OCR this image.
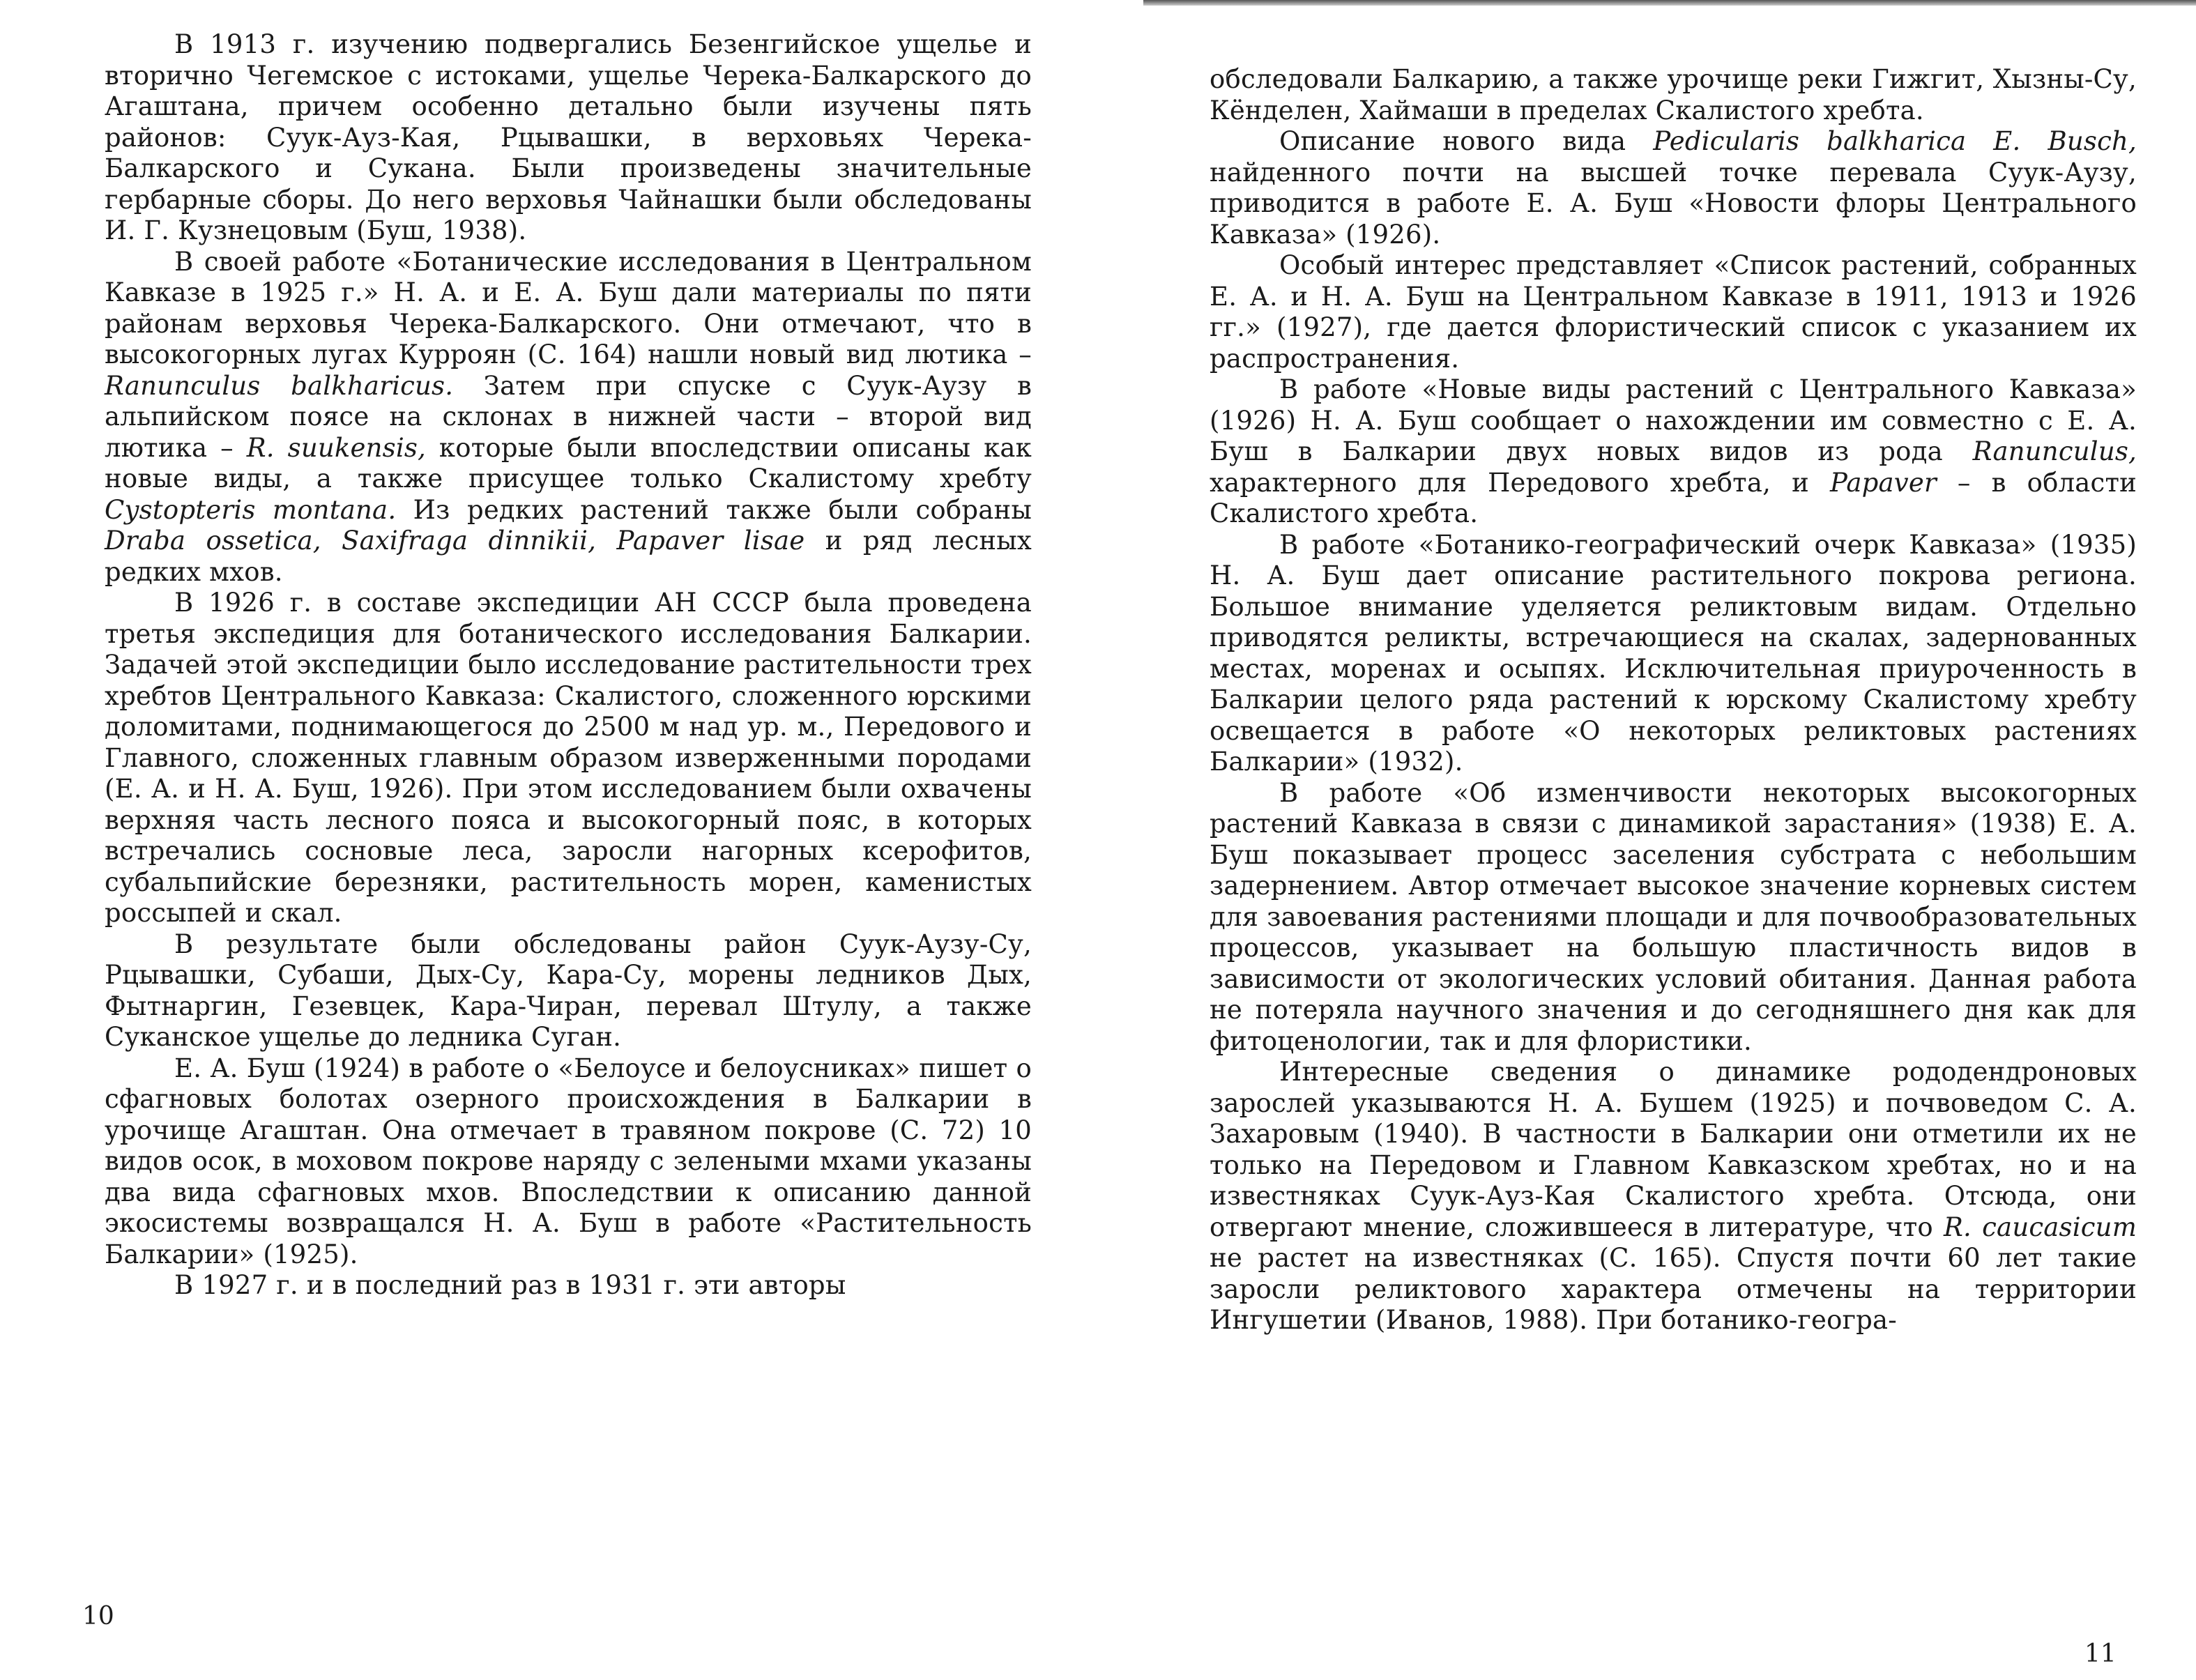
В 1913 г. изучению подвергались Безенгийское ущелье и вторично Чегемское с истоками, ущелье Черека-Балкарского до Агаштана, причем особенно детально были изучены пять районов: Суук-Ауз-Кая, Рцывашки, в верховьях Черека-Балкарского и Сукана. Были произведены значительные гербарные сборы. До него верховья Чайнашки были обследованы И. Г. Кузнецовым (Буш, 1938).

В своей работе «Ботанические исследования в Центральном Кавказе в 1925 г.» Н. А. и Е. А. Буш дали материалы по пяти районам верховья Черека-Балкарского. Они отмечают, что в высокогорных лугах Курроян (С. 164) нашли новый вид лютика – Ranunculus balkharicus. Затем при спуске с Суук-Аузу в альпийском поясе на склонах в нижней части – второй вид лютика – R. suukensis, которые были впоследствии описаны как новые виды, а также присущее только Скалистому хребту Cystopteris montana. Из редких растений также были собраны Draba ossetica, Saxifraga dinnikii, Papaver lisae и ряд лесных редких мхов.

В 1926 г. в составе экспедиции АН СССР была проведена третья экспедиция для ботанического исследования Балкарии. Задачей этой экспедиции было исследование растительности трех хребтов Центрального Кавказа: Скалистого, сложенного юрскими доломитами, поднимающегося до 2500 м над ур. м., Передового и Главного, сложенных главным образом изверженными породами (Е. А. и Н. А. Буш, 1926). При этом исследованием были охвачены верхняя часть лесного пояса и высокогорный пояс, в которых встречались сосновые леса, заросли нагорных ксерофитов, субальпийские березняки, растительность морен, каменистых россыпей и скал.

В результате были обследованы район Суук-Аузу-Су, Рцывашки, Субаши, Дых-Су, Кара-Су, морены ледников Дых, Фытнаргин, Гезевцек, Кара-Чиран, перевал Штулу, а также Суканское ущелье до ледника Суган.

Е. А. Буш (1924) в работе о «Белоусе и белоусниках» пишет о сфагновых болотах озерного происхождения в Балкарии в урочище Агаштан. Она отмечает в травяном покрове (С. 72) 10 видов осок, в моховом покрове наряду с зелеными мхами указаны два вида сфагновых мхов. Впоследствии к описанию данной экосистемы возвращался Н. А. Буш в работе «Растительность Балкарии» (1925).

В 1927 г. и в последний раз в 1931 г. эти авторы

10

обследовали Балкарию, а также урочище реки Гижгит, Хызны-Су, Кёнделен, Хаймаши в пределах Скалистого хребта.

Описание нового вида Pedicularis balkharica E. Busch, найденного почти на высшей точке перевала Суук-Аузу, приводится в работе Е. А. Буш «Новости флоры Центрального Кавказа» (1926).

Особый интерес представляет «Список растений, собранных Е. А. и Н. А. Буш на Центральном Кавказе в 1911, 1913 и 1926 гг.» (1927), где дается флористический список с указанием их распространения.

В работе «Новые виды растений с Центрального Кавказа» (1926) Н. А. Буш сообщает о нахождении им совместно с Е. А. Буш в Балкарии двух новых видов из рода Ranunculus, характерного для Передового хребта, и Papaver – в области Скалистого хребта.

В работе «Ботанико-географический очерк Кавказа» (1935) Н. А. Буш дает описание растительного покрова региона. Большое внимание уделяется реликтовым видам. Отдельно приводятся реликты, встречающиеся на скалах, задернованных местах, моренах и осыпях. Исключительная приуроченность в Балкарии целого ряда растений к юрскому Скалистому хребту освещается в работе «О некоторых реликтовых растениях Балкарии» (1932).

В работе «Об изменчивости некоторых высокогорных растений Кавказа в связи с динамикой зарастания» (1938) Е. А. Буш показывает процесс заселения субстрата с небольшим задернением. Автор отмечает высокое значение корневых систем для завоевания растениями площади и для почвообразовательных процессов, указывает на большую пластичность видов в зависимости от экологических условий обитания. Данная работа не потеряла научного значения и до сегодняшнего дня как для фитоценологии, так и для флористики.

Интересные сведения о динамике рододендроновых зарослей указываются Н. А. Бушем (1925) и почвоведом С. А. Захаровым (1940). В частности в Балкарии они отметили их не только на Передовом и Главном Кавказском хребтах, но и на известняках Суук-Ауз-Кая Скалистого хребта. Отсюда, они отвергают мнение, сложившееся в литературе, что R. caucasicum не растет на известняках (С. 165). Спустя почти 60 лет такие заросли реликтового характера отмечены на территории Ингушетии (Иванов, 1988). При ботанико-геогра-

11
